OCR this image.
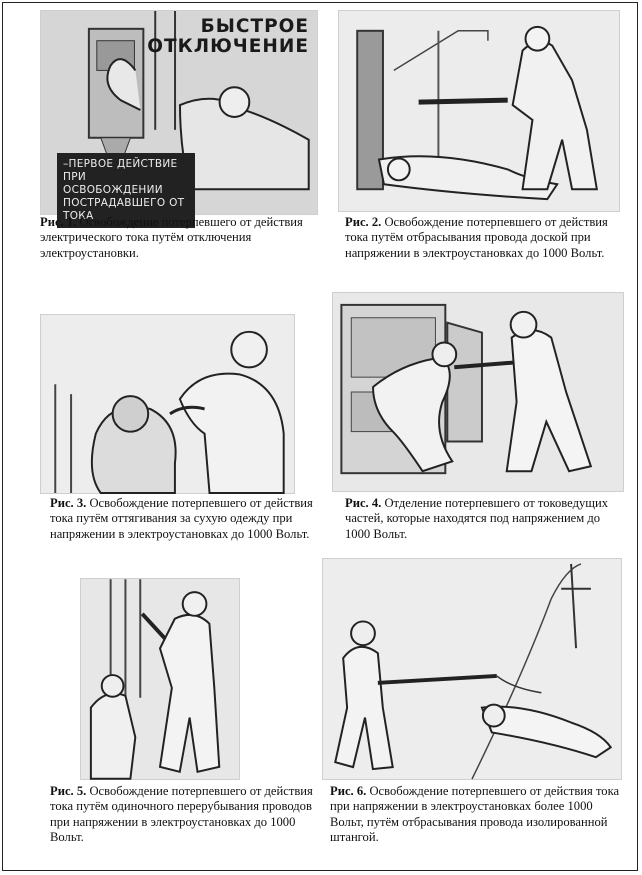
БЫСТРОЕ
ОТКЛЮЧЕНИЕ
–ПЕРВОЕ ДЕЙСТВИЕ
ПРИ ОСВОБОЖДЕНИИ
ПОСТРАДАВШЕГО ОТ ТОКА
Рис. 1. Освобождение потерпевшего от действия электрического тока путём отключения электроустановки.
Рис. 2. Освобождение потерпевшего от действия тока путём отбрасывания провода доской при напряжении в электроустановках до 1000 Вольт.
Рис. 3. Освобождение потерпевшего от действия тока путём оттягивания за сухую одежду при напряжении в электроустановках до 1000 Вольт.
Рис. 4. Отделение потерпевшего от токоведущих частей, которые находятся под напряжением до 1000 Вольт.
Рис. 5. Освобождение потерпевшего от действия тока путём одиночного перерубывания проводов при напряжении в электроустановках до 1000 Вольт.
Рис. 6. Освобождение потерпевшего от действия тока при напряжении в электроустановках более 1000 Вольт, путём отбрасывания провода изолированной штангой.
